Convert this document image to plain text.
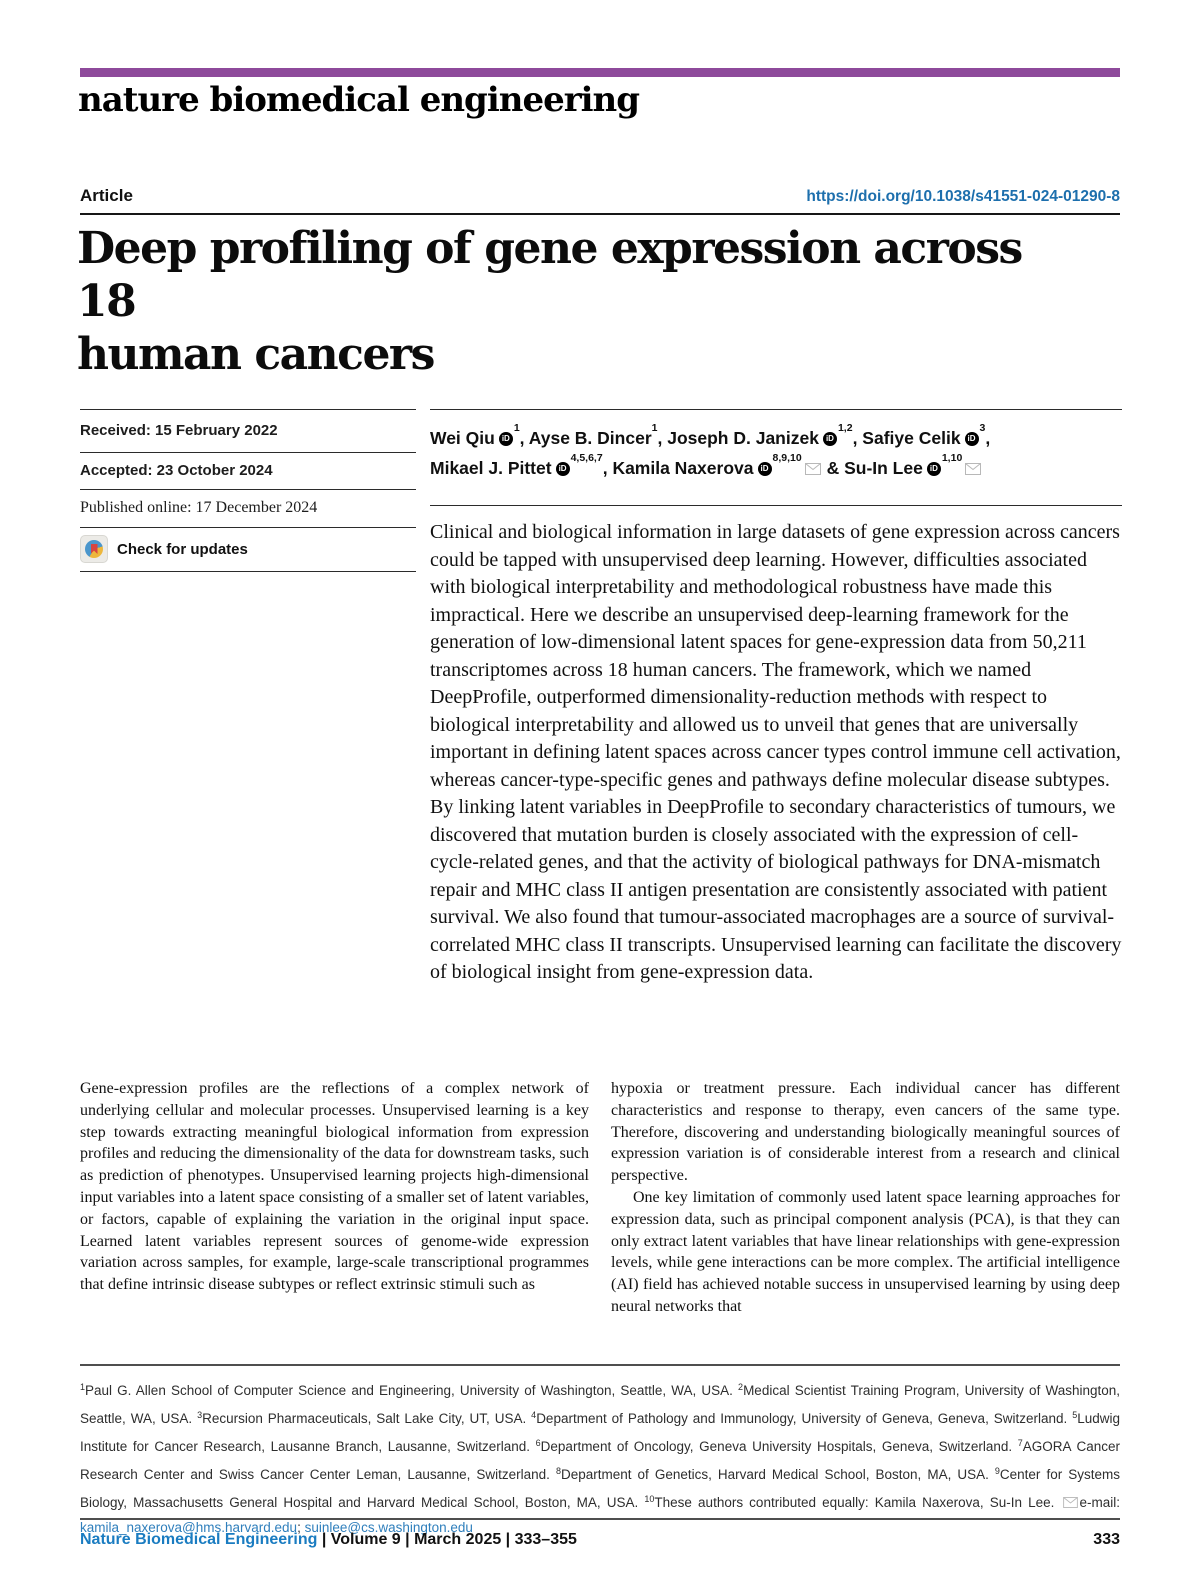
nature biomedical engineering
Article	https://doi.org/10.1038/s41551-024-01290-8
Deep profiling of gene expression across 18
human cancers
Received: 15 February 2022
Accepted: 23 October 2024
Published online: 17 December 2024
Check for updates
Wei Qiu $iD^1$, Ayse B. Dincer$^1$, Joseph D. Janizek iD$^{1,2}$, Safiye Celik $iD^3$,
Mikael J. Pittet iD$^{4,5,6,7}$, Kamila Naxerova iD$^{8,9,10}$ & Su-In Lee iD$^{1,10}$
Clinical and biological information in large datasets of gene expression across cancers could be tapped with unsupervised deep learning. However, difficulties associated with biological interpretability and methodological robustness have made this impractical. Here we describe an unsupervised deep-learning framework for the generation of low-dimensional latent spaces for gene-expression data from 50,211 transcriptomes across 18 human cancers. The framework, which we named DeepProfile, outperformed dimensionality-reduction methods with respect to biological interpretability and allowed us to unveil that genes that are universally important in defining latent spaces across cancer types control immune cell activation, whereas cancer-type-specific genes and pathways define molecular disease subtypes. By linking latent variables in DeepProfile to secondary characteristics of tumours, we discovered that mutation burden is closely associated with the expression of cell-cycle-related genes, and that the activity of biological pathways for DNA-mismatch repair and MHC class II antigen presentation are consistently associated with patient survival. We also found that tumour-associated macrophages are a source of survival-correlated MHC class II transcripts. Unsupervised learning can facilitate the discovery of biological insight from gene-expression data.

Gene-expression profiles are the reflections of a complex network of underlying cellular and molecular processes. Unsupervised learning is a key step towards extracting meaningful biological information from expression profiles and reducing the dimensionality of the data for downstream tasks, such as prediction of phenotypes. Unsupervised learning projects high-dimensional input variables into a latent space consisting of a smaller set of latent variables, or factors, capable of explaining the variation in the original input space. Learned latent variables represent sources of genome-wide expression variation across samples, for example, large-scale transcriptional programmes that define intrinsic disease subtypes or reflect extrinsic stimuli such as

hypoxia or treatment pressure. Each individual cancer has different characteristics and response to therapy, even cancers of the same type. Therefore, discovering and understanding biologically meaningful sources of expression variation is of considerable interest from a research and clinical perspective.

One key limitation of commonly used latent space learning approaches for expression data, such as principal component analysis (PCA), is that they can only extract latent variables that have linear relationships with gene-expression levels, while gene interactions can be more complex. The artificial intelligence (AI) field has achieved notable success in unsupervised learning by using deep neural networks that

$^1$Paul G. Allen School of Computer Science and Engineering, University of Washington, Seattle, WA, USA. $^2$Medical Scientist Training Program, University of Washington, Seattle, WA, USA. $^3$Recursion Pharmaceuticals, Salt Lake City, UT, USA. $^4$Department of Pathology and Immunology, University of Geneva, Geneva, Switzerland. $^5$Ludwig Institute for Cancer Research, Lausanne Branch, Lausanne, Switzerland. $^6$Department of Oncology, Geneva University Hospitals, Geneva, Switzerland. $^7$AGORA Cancer Research Center and Swiss Cancer Center Leman, Lausanne, Switzerland. $^8$Department of Genetics, Harvard Medical School, Boston, MA, USA. $^9$Center for Systems Biology, Massachusetts General Hospital and Harvard Medical School, Boston, MA, USA. $^{10}$These authors contributed equally: Kamila Naxerova, Su-In Lee. e-mail: kamila_naxerova@hms.harvard.edu; suinlee@cs.washington.edu
Nature Biomedical Engineering | Volume 9 | March 2025 | 333–355	333
